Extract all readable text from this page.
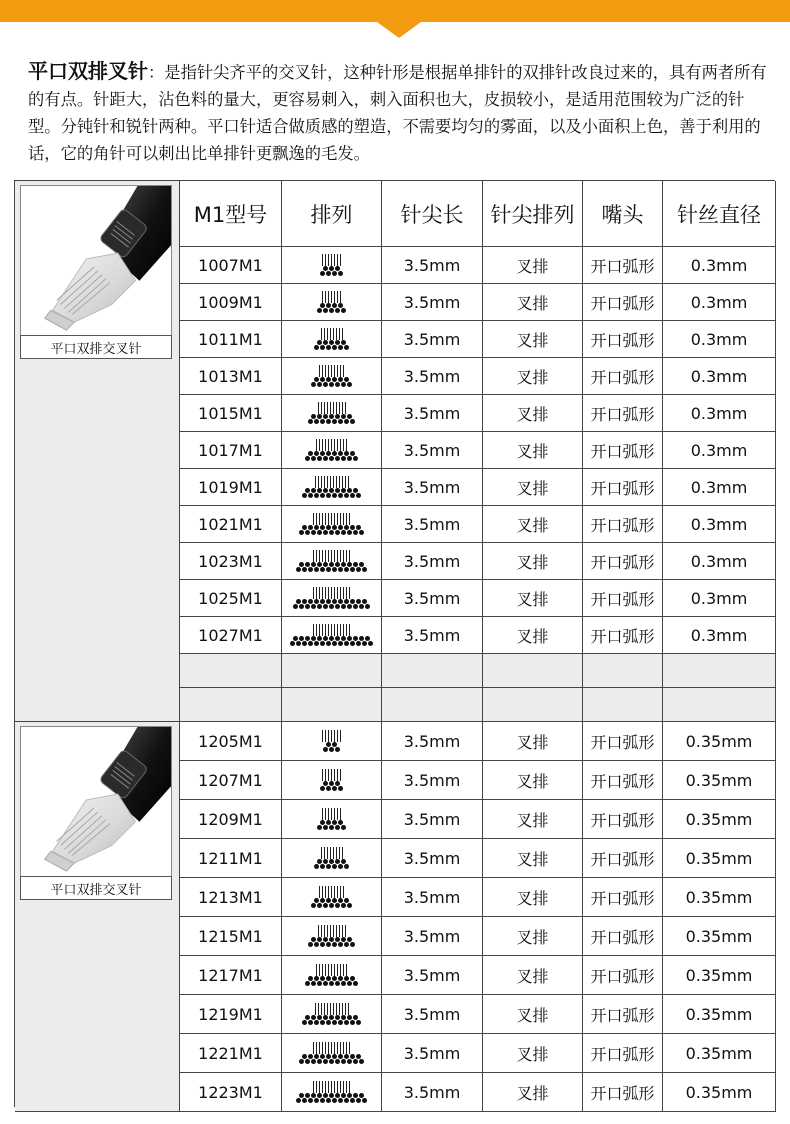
平口双排叉针：是指针尖齐平的交叉针，这种针形是根据单排针的双排针改良过来的，具有两者所有的有点。针距大，沾色料的量大，更容易刺入，刺入面积也大，皮损较小，是适用范围较为广泛的针型。分钝针和锐针两种。平口针适合做质感的塑造，不需要均匀的雾面，以及小面积上色，善于利用的话，它的角针可以刺出比单排针更飘逸的毛发。
平口双排交叉针
M1型号 排列 针尖长 针尖排列 嘴头 针丝直径
1007M1	3.5mm	叉排	开口弧形 0.3mm
1009M1	3.5mm	叉排	开口弧形 0.3mm
1011M1	3.5mm	叉排	开口弧形 0.3mm
1013M1	3.5mm	叉排	开口弧形 0.3mm
1015M1	3.5mm	叉排	开口弧形 0.3mm
1017M1	3.5mm	叉排	开口弧形 0.3mm
1019M1	3.5mm	叉排	开口弧形 0.3mm
1021M1	3.5mm	叉排	开口弧形 0.3mm
1023M1	3.5mm	叉排	开口弧形 0.3mm
1025M1	3.5mm	叉排	开口弧形 0.3mm
1027M1	3.5mm	叉排	开口弧形 0.3mm
平口双排交叉针
1205M1	3.5mm	叉排	开口弧形 0.35mm
1207M1	3.5mm	叉排	开口弧形 0.35mm
1209M1	3.5mm	叉排	开口弧形 0.35mm
1211M1	3.5mm	叉排	开口弧形 0.35mm
1213M1	3.5mm	叉排	开口弧形 0.35mm
1215M1	3.5mm	叉排	开口弧形 0.35mm
1217M1	3.5mm	叉排	开口弧形 0.35mm
1219M1	3.5mm	叉排	开口弧形 0.35mm
1221M1	3.5mm	叉排	开口弧形 0.35mm
1223M1	3.5mm	叉排	开口弧形 0.35mm
